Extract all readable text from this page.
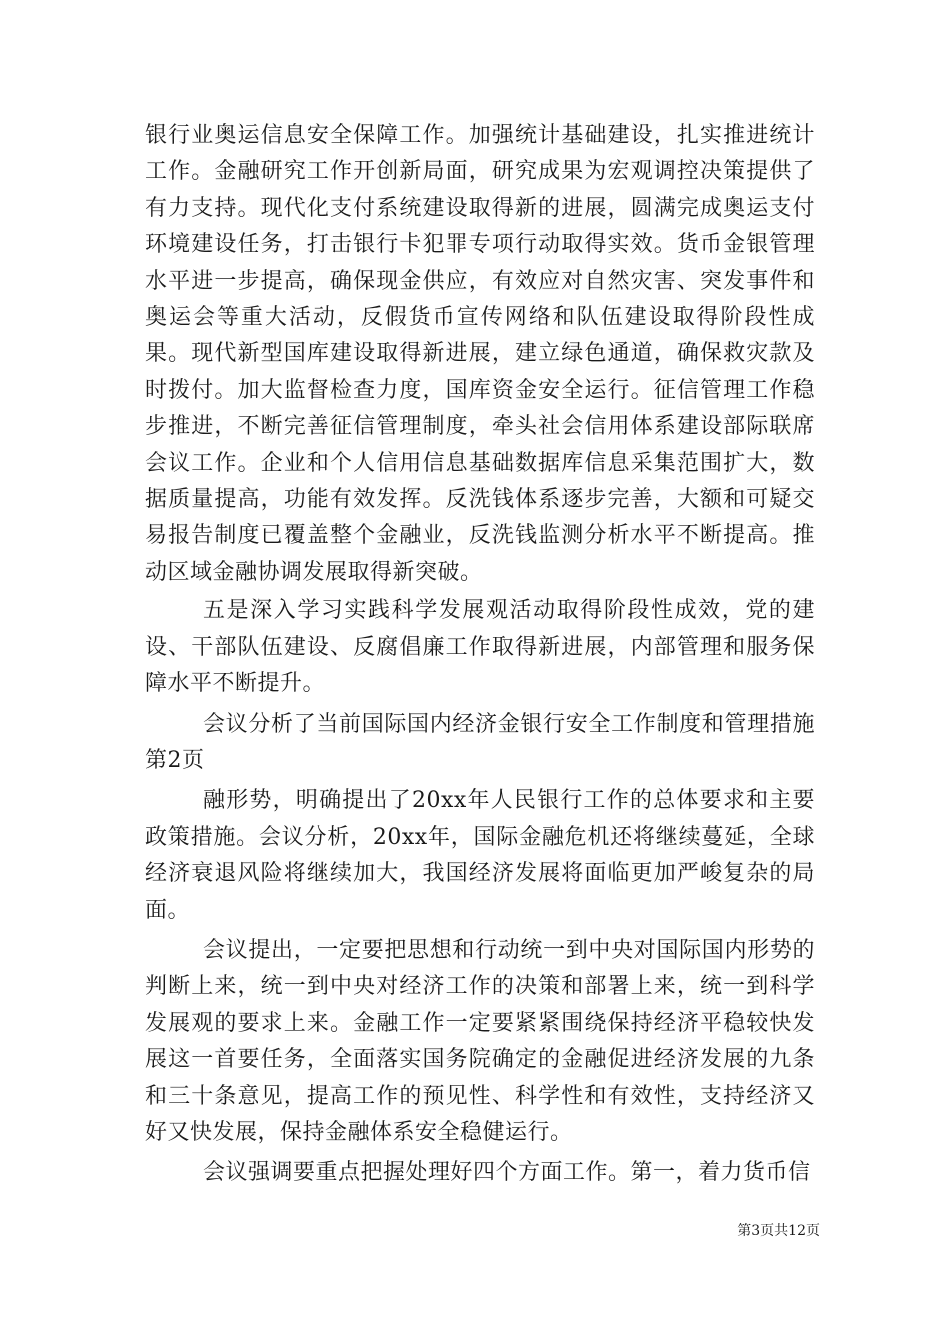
银行业奥运信息安全保障工作。加强统计基础建设，扎实推进统计工作。金融研究工作开创新局面，研究成果为宏观调控决策提供了有力支持。现代化支付系统建设取得新的进展，圆满完成奥运支付环境建设任务，打击银行卡犯罪专项行动取得实效。货币金银管理水平进一步提高，确保现金供应，有效应对自然灾害、突发事件和奥运会等重大活动，反假货币宣传网络和队伍建设取得阶段性成果。现代新型国库建设取得新进展，建立绿色通道，确保救灾款及时拨付。加大监督检查力度，国库资金安全运行。征信管理工作稳步推进，不断完善征信管理制度，牵头社会信用体系建设部际联席会议工作。企业和个人信用信息基础数据库信息采集范围扩大，数据质量提高，功能有效发挥。反洗钱体系逐步完善，大额和可疑交易报告制度已覆盖整个金融业，反洗钱监测分析水平不断提高。推动区域金融协调发展取得新突破。

五是深入学习实践科学发展观活动取得阶段性成效，党的建设、干部队伍建设、反腐倡廉工作取得新进展，内部管理和服务保障水平不断提升。

会议分析了当前国际国内经济金银行安全工作制度和管理措施第2页

融形势，明确提出了20xx年人民银行工作的总体要求和主要政策措施。会议分析，20xx年，国际金融危机还将继续蔓延，全球经济衰退风险将继续加大，我国经济发展将面临更加严峻复杂的局面。

会议提出，一定要把思想和行动统一到中央对国际国内形势的判断上来，统一到中央对经济工作的决策和部署上来，统一到科学发展观的要求上来。金融工作一定要紧紧围绕保持经济平稳较快发展这一首要任务，全面落实国务院确定的金融促进经济发展的九条和三十条意见，提高工作的预见性、科学性和有效性，支持经济又好又快发展，保持金融体系安全稳健运行。

会议强调要重点把握处理好四个方面工作。第一，着力货币信

第3页共12页
